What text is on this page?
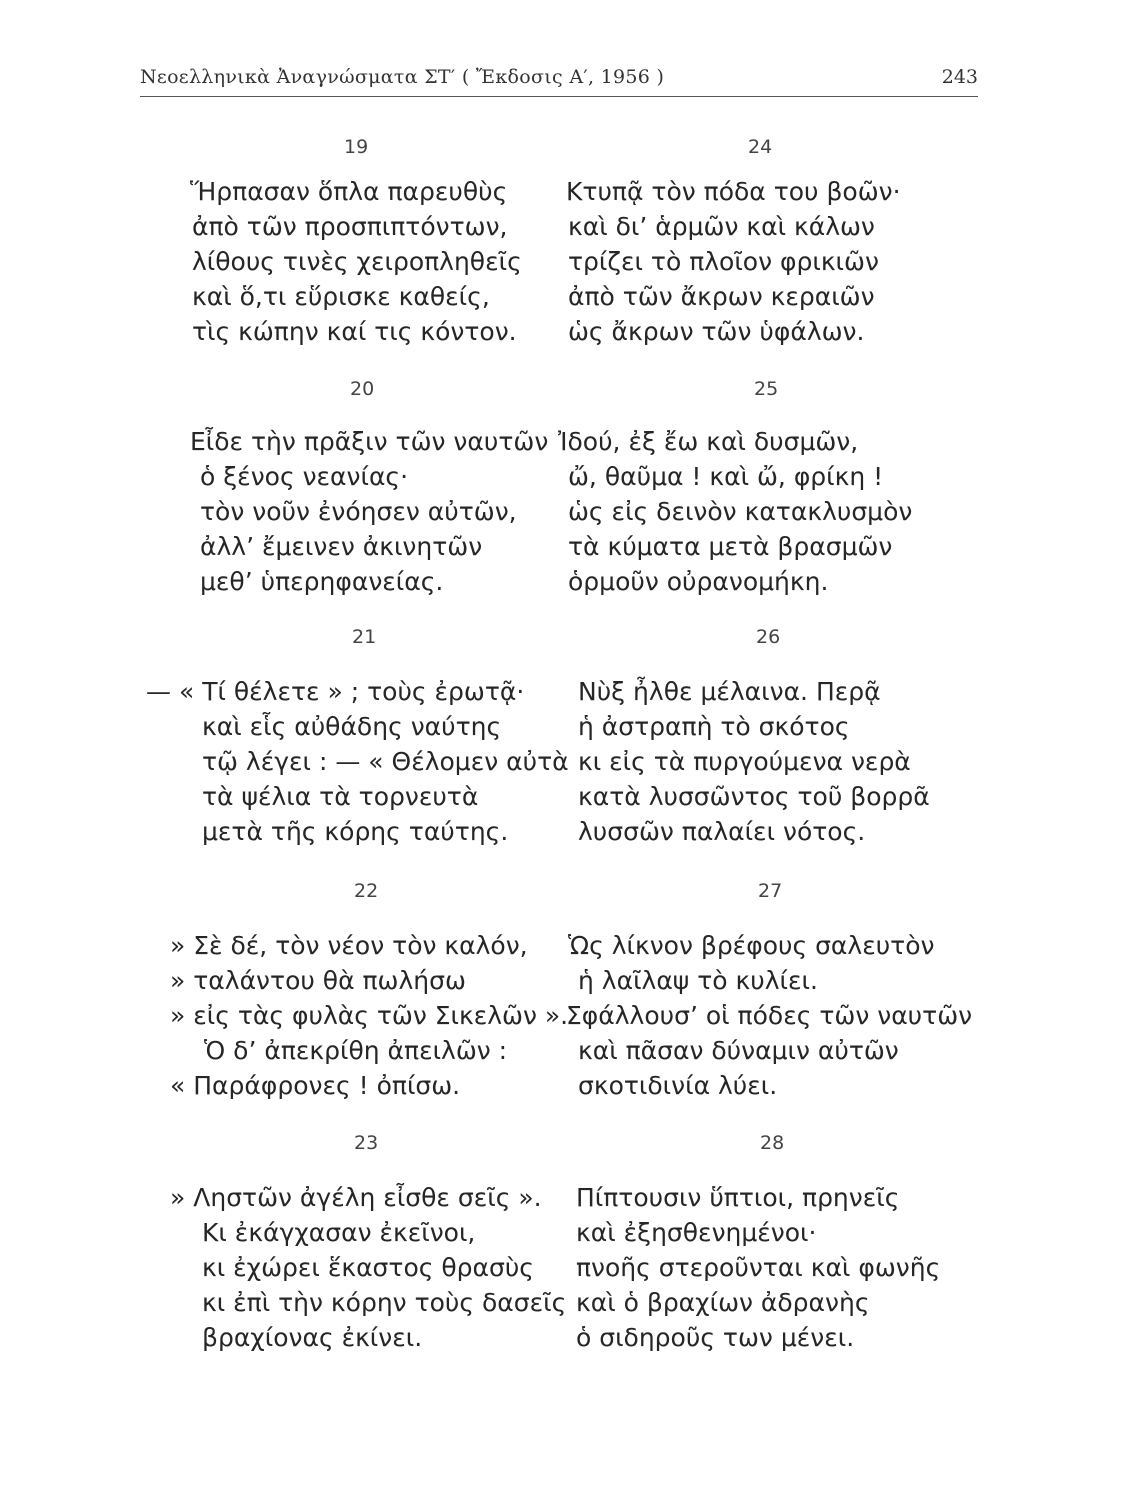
Νεοελληνικὰ Ἀναγνώσματα ΣΤ′ ( Ἔκδοσις Α′, 1956 )	243
19
Ἥρπασαν ὅπλα παρευθὺς
ἀπὸ τῶν προσπιπτόντων,
λίθους τινὲς χειροπληθεῖς
καὶ ὅ,τι εὕρισκε καθείς,
τὶς κώπην καί τις κόντον.
20
Εἶδε τὴν πρᾶξιν τῶν ναυτῶν
ὁ ξένος νεανίας·
τὸν νοῦν ἐνόησεν αὐτῶν,
ἀλλ’ ἔμεινεν ἀκινητῶν
μεθ’ ὑπερηφανείας.
21
— « Τί θέλετε » ; τοὺς ἐρωτᾷ·
καὶ εἷς αὐθάδης ναύτης
τῷ λέγει : — « Θέλομεν αὐτὰ
τὰ ψέλια τὰ τορνευτὰ
μετὰ τῆς κόρης ταύτης.
22
» Σὲ δέ, τὸν νέον τὸν καλόν,
» ταλάντου θὰ πωλήσω
» εἰς τὰς φυλὰς τῶν Σικελῶν ».
Ὁ δ’ ἀπεκρίθη ἀπειλῶν :
« Παράφρονες ! ὀπίσω.
23
» Ληστῶν ἀγέλη εἶσθε σεῖς ».
Κι ἐκάγχασαν ἐκεῖνοι,
κι ἐχώρει ἕκαστος θρασὺς
κι ἐπὶ τὴν κόρην τοὺς δασεῖς
βραχίονας ἐκίνει.
24
Κτυπᾷ τὸν πόδα του βοῶν·
καὶ δι’ ἁρμῶν καὶ κάλων
τρίζει τὸ πλοῖον φρικιῶν
ἀπὸ τῶν ἄκρων κεραιῶν
ὡς ἄκρων τῶν ὑφάλων.
25
Ἰδού, ἐξ ἔω καὶ δυσμῶν,
ὤ, θαῦμα ! καὶ ὤ, φρίκη !
ὡς εἰς δεινὸν κατακλυσμὸν
τὰ κύματα μετὰ βρασμῶν
ὁρμοῦν οὐρανομήκη.
26
Νὺξ ἦλθε μέλαινα. Περᾷ
ἡ ἀστραπὴ τὸ σκότος
κι εἰς τὰ πυργούμενα νερὰ
κατὰ λυσσῶντος τοῦ βορρᾶ
λυσσῶν παλαίει νότος.
27
Ὡς λίκνον βρέφους σαλευτὸν
ἡ λαῖλαψ τὸ κυλίει.
Σφάλλουσ’ οἱ πόδες τῶν ναυτῶν
καὶ πᾶσαν δύναμιν αὐτῶν
σκοτιδινία λύει.
28
Πίπτουσιν ὕπτιοι, πρηνεῖς
καὶ ἐξησθενημένοι·
πνοῆς στεροῦνται καὶ φωνῆς
καὶ ὁ βραχίων ἀδρανὴς
ὁ σιδηροῦς των μένει.
